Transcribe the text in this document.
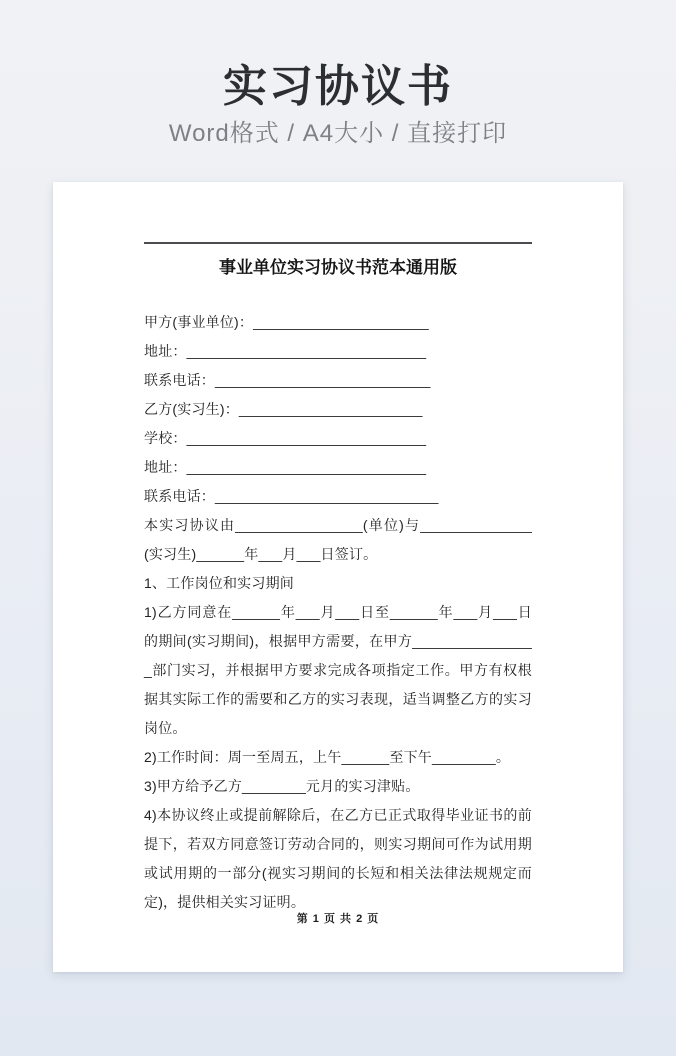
实习协议书

Word格式 / A4大小 / 直接打印

事业单位实习协议书范本通用版

甲方(事业单位)：______________________

地址：______________________________

联系电话：___________________________

乙方(实习生)：_______________________

学校：______________________________

地址：______________________________

联系电话：____________________________

本实习协议由________________(单位)与______________(实习生)______年___月___日签订。

1、工作岗位和实习期间

1)乙方同意在______年___月___日至______年___月___日的期间(实习期间)，根据甲方需要，在甲方________________部门实习，并根据甲方要求完成各项指定工作。甲方有权根据其实际工作的需要和乙方的实习表现，适当调整乙方的实习岗位。

2)工作时间：周一至周五，上午______至下午________。

3)甲方给予乙方________元月的实习津贴。

4)本协议终止或提前解除后，在乙方已正式取得毕业证书的前提下，若双方同意签订劳动合同的，则实习期间可作为试用期或试用期的一部分(视实习期间的长短和相关法律法规规定而定)，提供相关实习证明。

第 1 页 共 2 页
